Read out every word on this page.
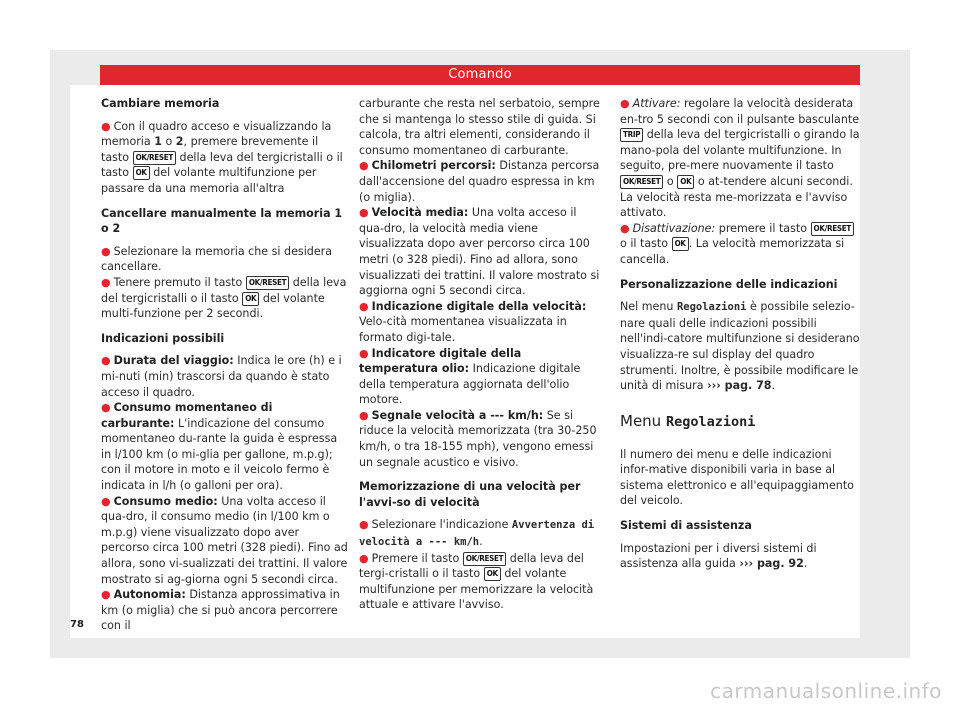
Comando

Cambiare memoria

● Con il quadro acceso e visualizzando la memoria 1 o 2, premere brevemente il tasto OK/RESET della leva del tergicristalli o il tasto OK del volante multifunzione per passare da una memoria all'altra

Cancellare manualmente la memoria 1 o 2

● Selezionare la memoria che si desidera cancellare.

● Tenere premuto il tasto OK/RESET della leva del tergicristalli o il tasto OK del volante multi-funzione per 2 secondi.

Indicazioni possibili

● Durata del viaggio: Indica le ore (h) e i mi-nuti (min) trascorsi da quando è stato acceso il quadro.

● Consumo momentaneo di carburante: L'indicazione del consumo momentaneo du-rante la guida è espressa in l/100 km (o mi-glia per gallone, m.p.g); con il motore in moto e il veicolo fermo è indicata in l/h (o galloni per ora).

● Consumo medio: Una volta acceso il qua-dro, il consumo medio (in l/100 km o m.p.g) viene visualizzato dopo aver percorso circa 100 metri (328 piedi). Fino ad allora, sono vi-sualizzati dei trattini. Il valore mostrato si ag-giorna ogni 5 secondi circa.

● Autonomia: Distanza approssimativa in km (o miglia) che si può ancora percorrere con il

carburante che resta nel serbatoio, sempre che si mantenga lo stesso stile di guida. Si calcola, tra altri elementi, considerando il consumo momentaneo di carburante.

● Chilometri percorsi: Distanza percorsa dall'accensione del quadro espressa in km (o miglia).

● Velocità media: Una volta acceso il qua-dro, la velocità media viene visualizzata dopo aver percorso circa 100 metri (o 328 piedi). Fino ad allora, sono visualizzati dei trattini. Il valore mostrato si aggiorna ogni 5 secondi circa.

● Indicazione digitale della velocità: Velo-cità momentanea visualizzata in formato digi-tale.

● Indicatore digitale della temperatura olio: Indicazione digitale della temperatura aggiornata dell'olio motore.

● Segnale velocità a --- km/h: Se si riduce la velocità memorizzata (tra 30-250 km/h, o tra 18-155 mph), vengono emessi un segnale acustico e visivo.

Memorizzazione di una velocità per l'avvi-so di velocità

● Selezionare l'indicazione Avvertenza di velocità a --- km/h.

● Premere il tasto OK/RESET della leva del tergi-cristalli o il tasto OK del volante multifunzione per memorizzare la velocità attuale e attivare l'avviso.

● Attivare: regolare la velocità desiderata en-tro 5 secondi con il pulsante basculante TRIP della leva del tergicristalli o girando la mano-pola del volante multifunzione. In seguito, pre-mere nuovamente il tasto OK/RESET o OK o at-tendere alcuni secondi. La velocità resta me-morizzata e l'avviso attivato.

● Disattivazione: premere il tasto OK/RESET o il tasto OK . La velocità memorizzata si cancella.

Personalizzazione delle indicazioni

Nel menu Regolazioni è possibile selezio-nare quali delle indicazioni possibili nell'indi-catore multifunzione si desiderano visualizza-re sul display del quadro strumenti. Inoltre, è possibile modificare le unità di misura ››› pag. 78.

Menu Regolazioni

Il numero dei menu e delle indicazioni infor-mative disponibili varia in base al sistema elettronico e all'equipaggiamento del veicolo.

Sistemi di assistenza

Impostazioni per i diversi sistemi di assistenza alla guida ››› pag. 92.

78
carmanualsonline.info
